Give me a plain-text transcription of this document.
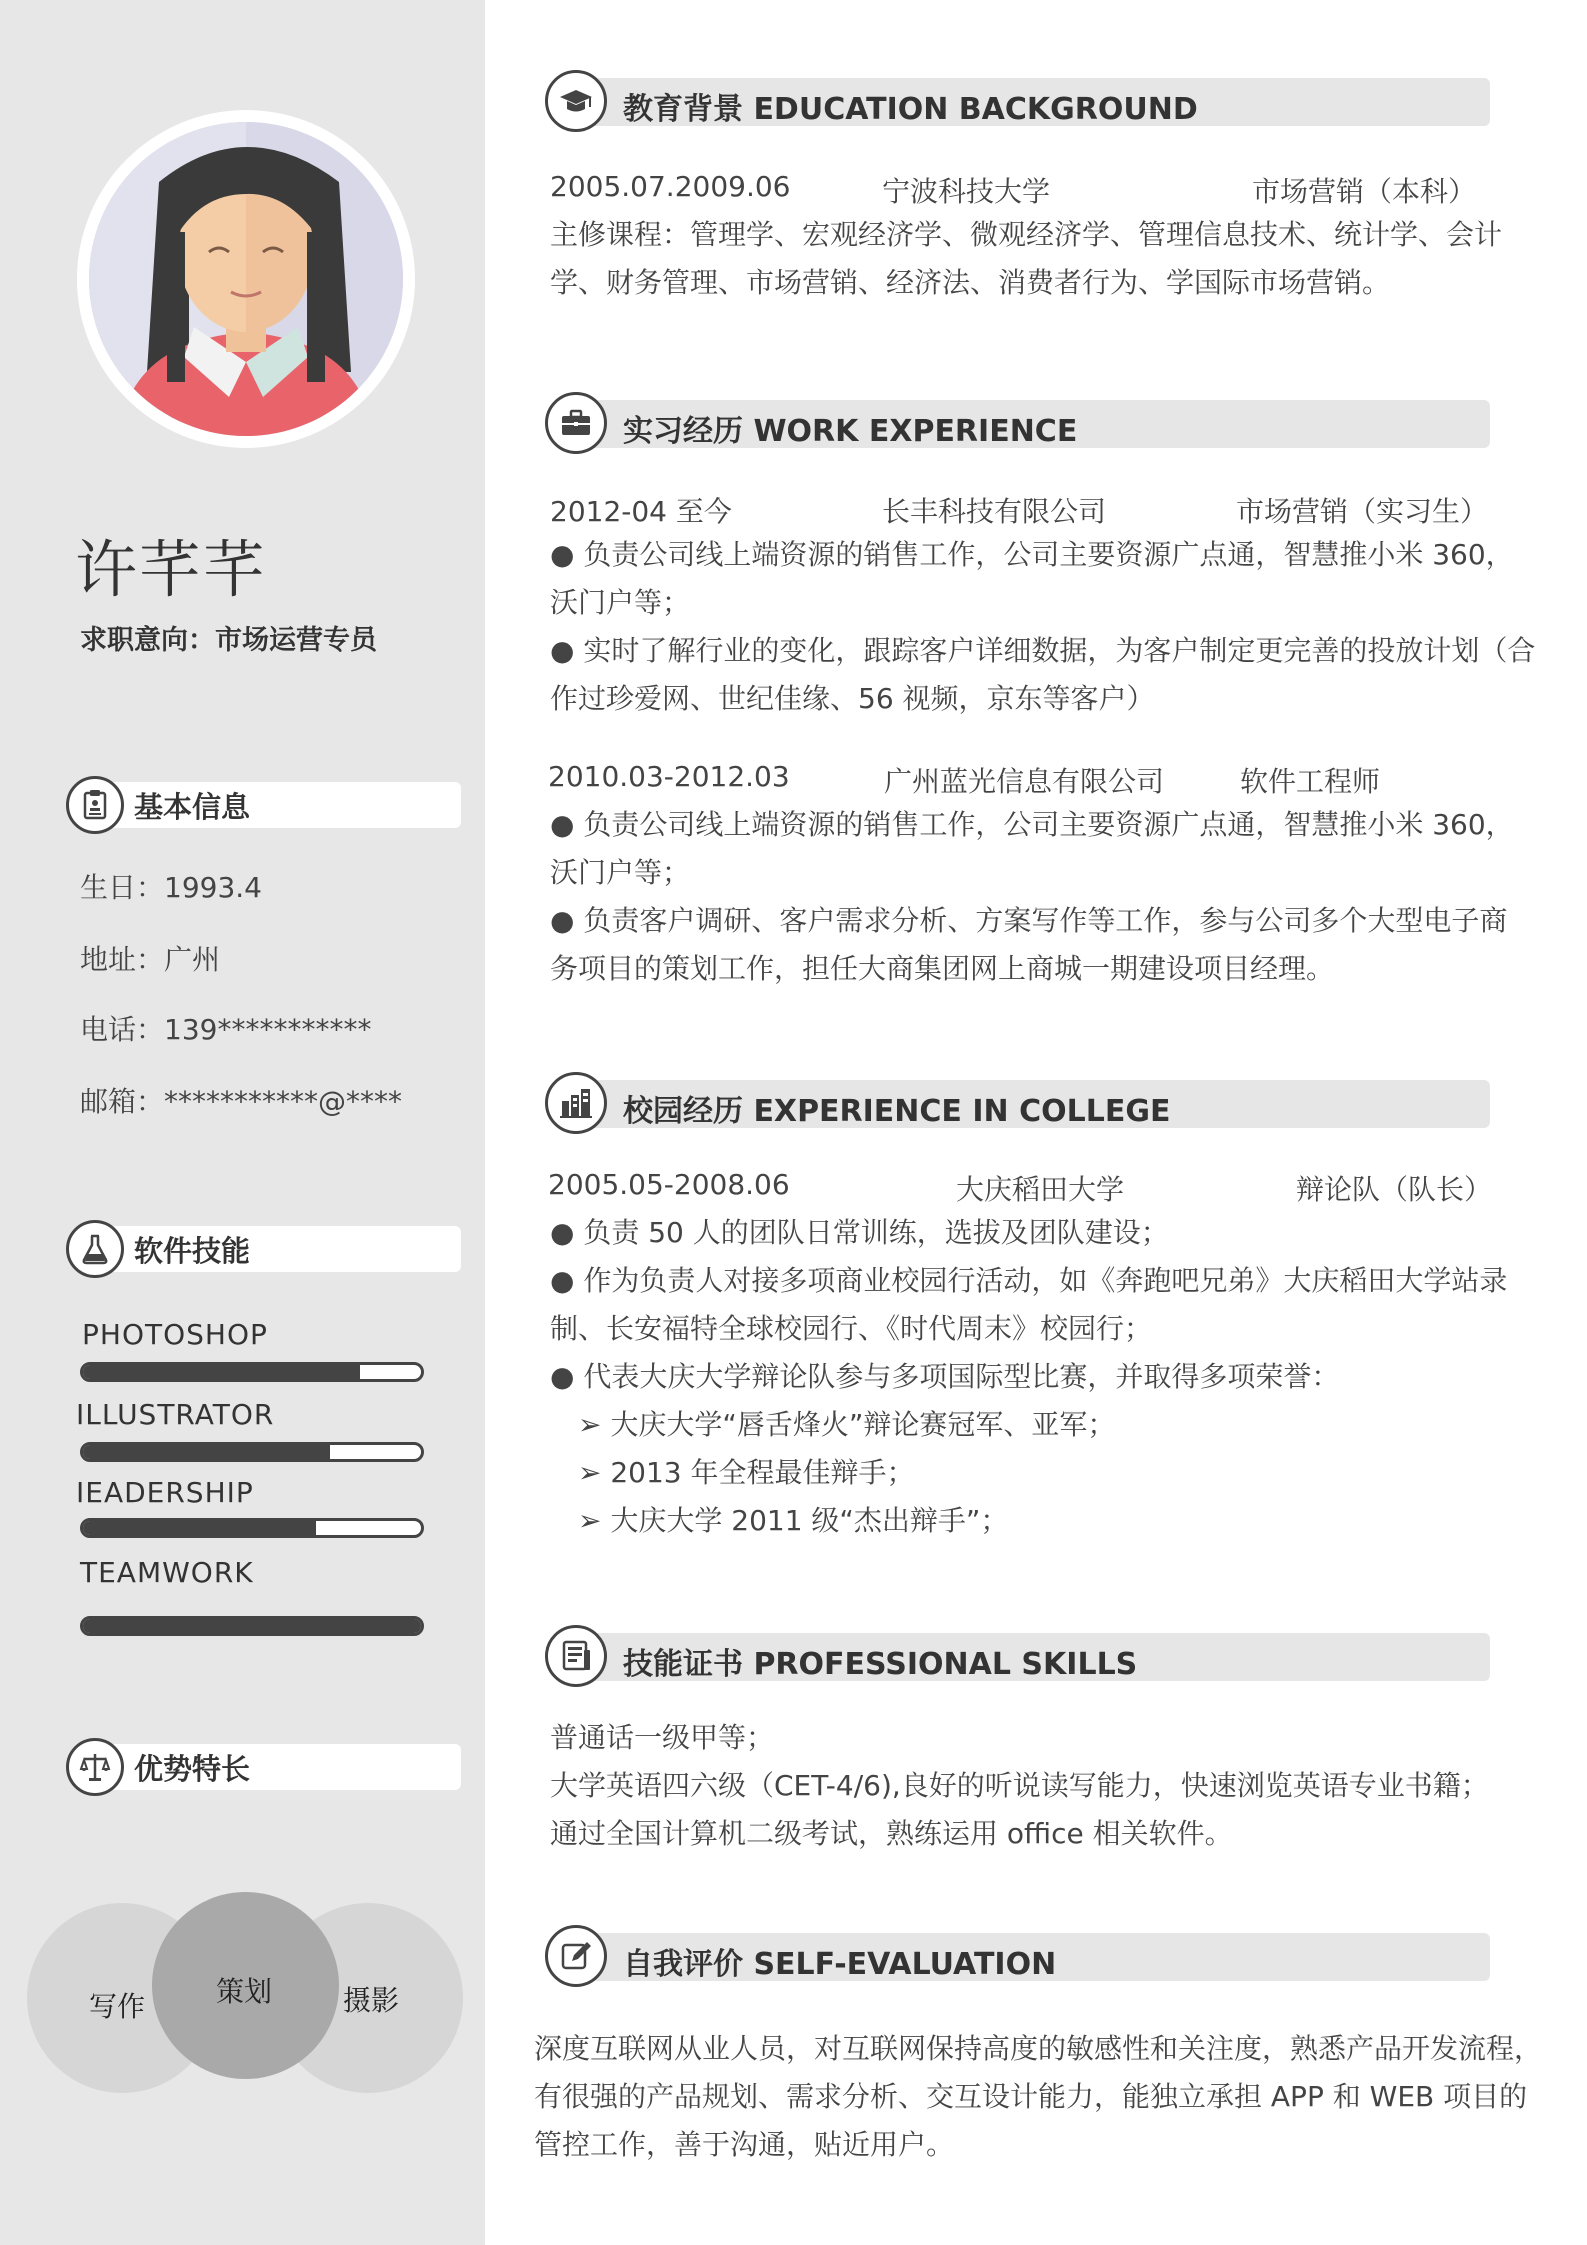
许芊芊
求职意向：市场运营专员
基本信息
生日：1993.4
地址：广州
电话：139***********
邮箱：***********@****
软件技能
PHOTOSHOP
ILLUSTRATOR
IEADERSHIP
TEAMWORK
优势特长
写作	摄影
策划
教育背景 EDUCATION BACKGROUND
2005.07.2009.06	宁波科技大学	市场营销（本科）
主修课程：管理学、宏观经济学、微观经济学、管理信息技术、统计学、会计
学、财务管理、市场营销、经济法、消费者行为、学国际市场营销。
实习经历 WORK EXPERIENCE
2012-04 至今	长丰科技有限公司	市场营销（实习生）
● 负责公司线上端资源的销售工作，公司主要资源广点通，智慧推小米 360，
沃门户等；
● 实时了解行业的变化，跟踪客户详细数据，为客户制定更完善的投放计划（合
作过珍爱网、世纪佳缘、56 视频，京东等客户）
2010.03-2012.03	广州蓝光信息有限公司	软件工程师
● 负责公司线上端资源的销售工作，公司主要资源广点通，智慧推小米 360，
沃门户等；
● 负责客户调研、客户需求分析、方案写作等工作，参与公司多个大型电子商
务项目的策划工作，担任大商集团网上商城一期建设项目经理。
校园经历 EXPERIENCE IN COLLEGE
2005.05-2008.06	大庆稻田大学	辩论队（队长）
● 负责 50 人的团队日常训练，选拔及团队建设；
● 作为负责人对接多项商业校园行活动，如《奔跑吧兄弟》大庆稻田大学站录
制、长安福特全球校园行、《时代周末》校园行；
● 代表大庆大学辩论队参与多项国际型比赛，并取得多项荣誉：
➢ 大庆大学“唇舌烽火”辩论赛冠军、亚军；
➢ 2013 年全程最佳辩手；
➢ 大庆大学 2011 级“杰出辩手”；
技能证书 PROFESSIONAL SKILLS
普通话一级甲等；
大学英语四六级（CET-4/6),良好的听说读写能力，快速浏览英语专业书籍；
通过全国计算机二级考试，熟练运用 office 相关软件。
自我评价 SELF-EVALUATION
深度互联网从业人员，对互联网保持高度的敏感性和关注度，熟悉产品开发流程，
有很强的产品规划、需求分析、交互设计能力，能独立承担 APP 和 WEB 项目的
管控工作，善于沟通，贴近用户。
